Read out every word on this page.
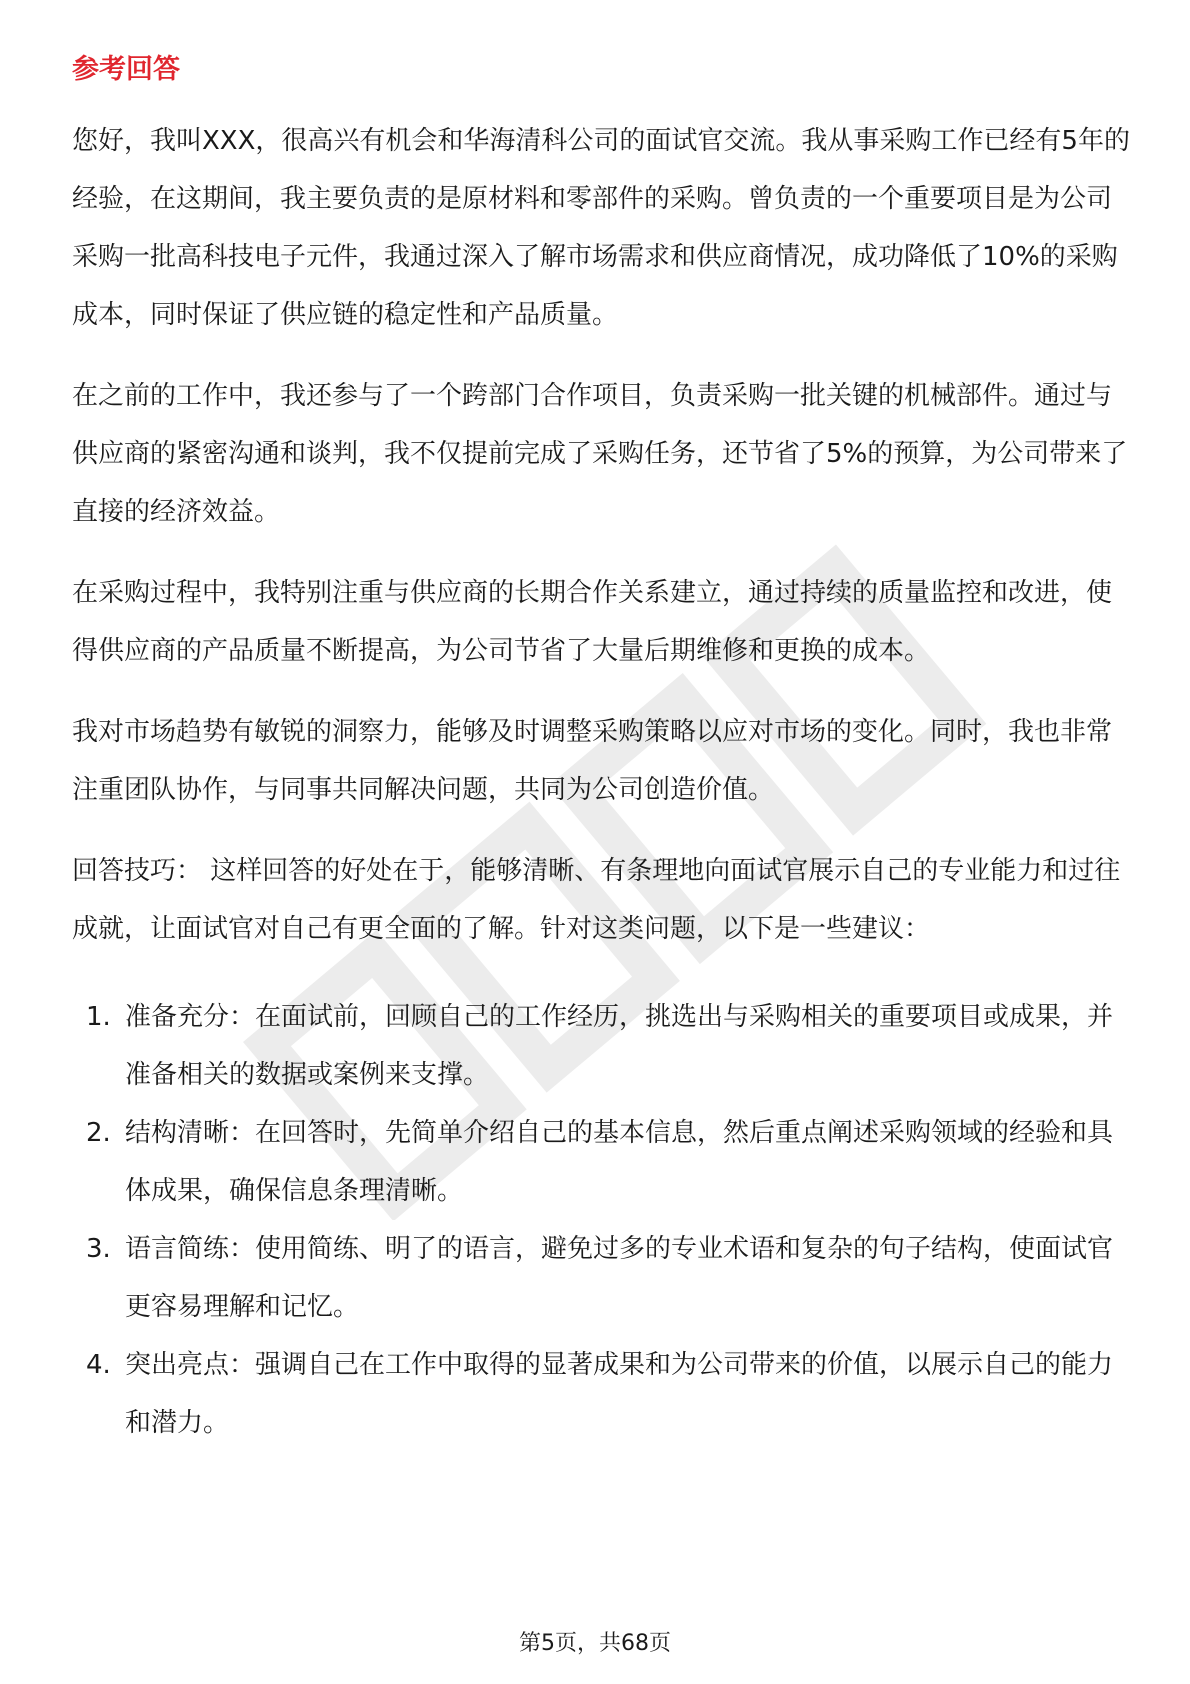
参考回答

您好，我叫XXX，很高兴有机会和华海清科公司的面试官交流。我从事采购工作已经有5年的经验，在这期间，我主要负责的是原材料和零部件的采购。曾负责的一个重要项目是为公司采购一批高科技电子元件，我通过深入了解市场需求和供应商情况，成功降低了10%的采购成本，同时保证了供应链的稳定性和产品质量。

在之前的工作中，我还参与了一个跨部门合作项目，负责采购一批关键的机械部件。通过与供应商的紧密沟通和谈判，我不仅提前完成了采购任务，还节省了5%的预算，为公司带来了直接的经济效益。

在采购过程中，我特别注重与供应商的长期合作关系建立，通过持续的质量监控和改进，使得供应商的产品质量不断提高，为公司节省了大量后期维修和更换的成本。

我对市场趋势有敏锐的洞察力，能够及时调整采购策略以应对市场的变化。同时，我也非常注重团队协作，与同事共同解决问题，共同为公司创造价值。

回答技巧： 这样回答的好处在于，能够清晰、有条理地向面试官展示自己的专业能力和过往成就，让面试官对自己有更全面的了解。针对这类问题，以下是一些建议：

1. 准备充分：在面试前，回顾自己的工作经历，挑选出与采购相关的重要项目或成果，并准备相关的数据或案例来支撑。
2. 结构清晰：在回答时，先简单介绍自己的基本信息，然后重点阐述采购领域的经验和具体成果，确保信息条理清晰。
3. 语言简练：使用简练、明了的语言，避免过多的专业术语和复杂的句子结构，使面试官更容易理解和记忆。
4. 突出亮点：强调自己在工作中取得的显著成果和为公司带来的价值，以展示自己的能力和潜力。
第5页，共68页
